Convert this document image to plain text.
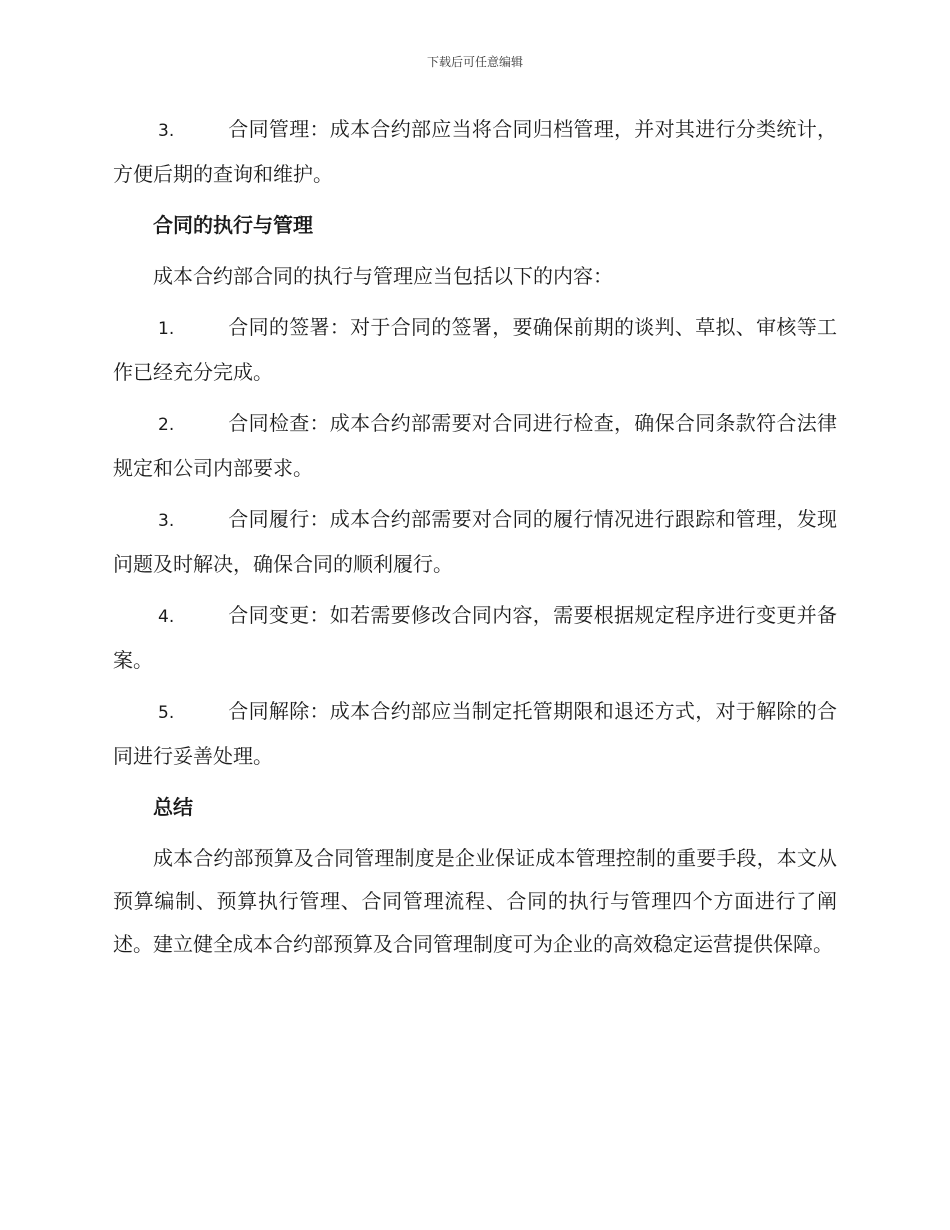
下载后可任意编辑

3.	合同管理：成本合约部应当将合同归档管理，并对其进行分类统计，方便后期的查询和维护。

合同的执行与管理

成本合约部合同的执行与管理应当包括以下的内容：

1.	合同的签署：对于合同的签署，要确保前期的谈判、草拟、审核等工作已经充分完成。

2.	合同检查：成本合约部需要对合同进行检查，确保合同条款符合法律规定和公司内部要求。

3.	合同履行：成本合约部需要对合同的履行情况进行跟踪和管理，发现问题及时解决，确保合同的顺利履行。

4.	合同变更：如若需要修改合同内容，需要根据规定程序进行变更并备案。

5.	合同解除：成本合约部应当制定托管期限和退还方式，对于解除的合同进行妥善处理。

总结

成本合约部预算及合同管理制度是企业保证成本管理控制的重要手段，本文从预算编制、预算执行管理、合同管理流程、合同的执行与管理四个方面进行了阐述。建立健全成本合约部预算及合同管理制度可为企业的高效稳定运营提供保障。
